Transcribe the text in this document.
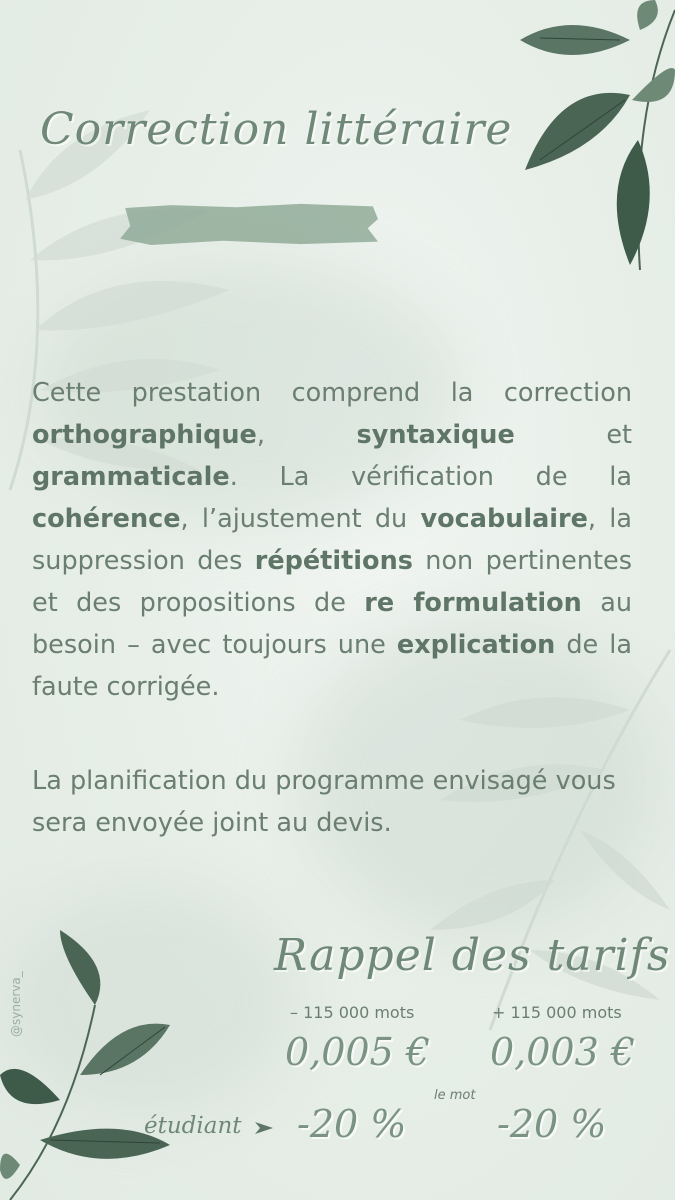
Correction littéraire

Cette prestation comprend la correction orthographique, syntaxique et grammaticale. La vérification de la cohérence, l’ajustement du vocabulaire, la suppression des répétitions non pertinentes et des propositions de re formulation au besoin – avec toujours une explication de la faute corrigée.

La planification du programme envisagé vous sera envoyée joint au devis.

Rappel des tarifs
– 115 000 mots	+ 115 000 mots
0,005 € 0,003 €
le mot
étudiant -20 % -20 %
@synerva_
